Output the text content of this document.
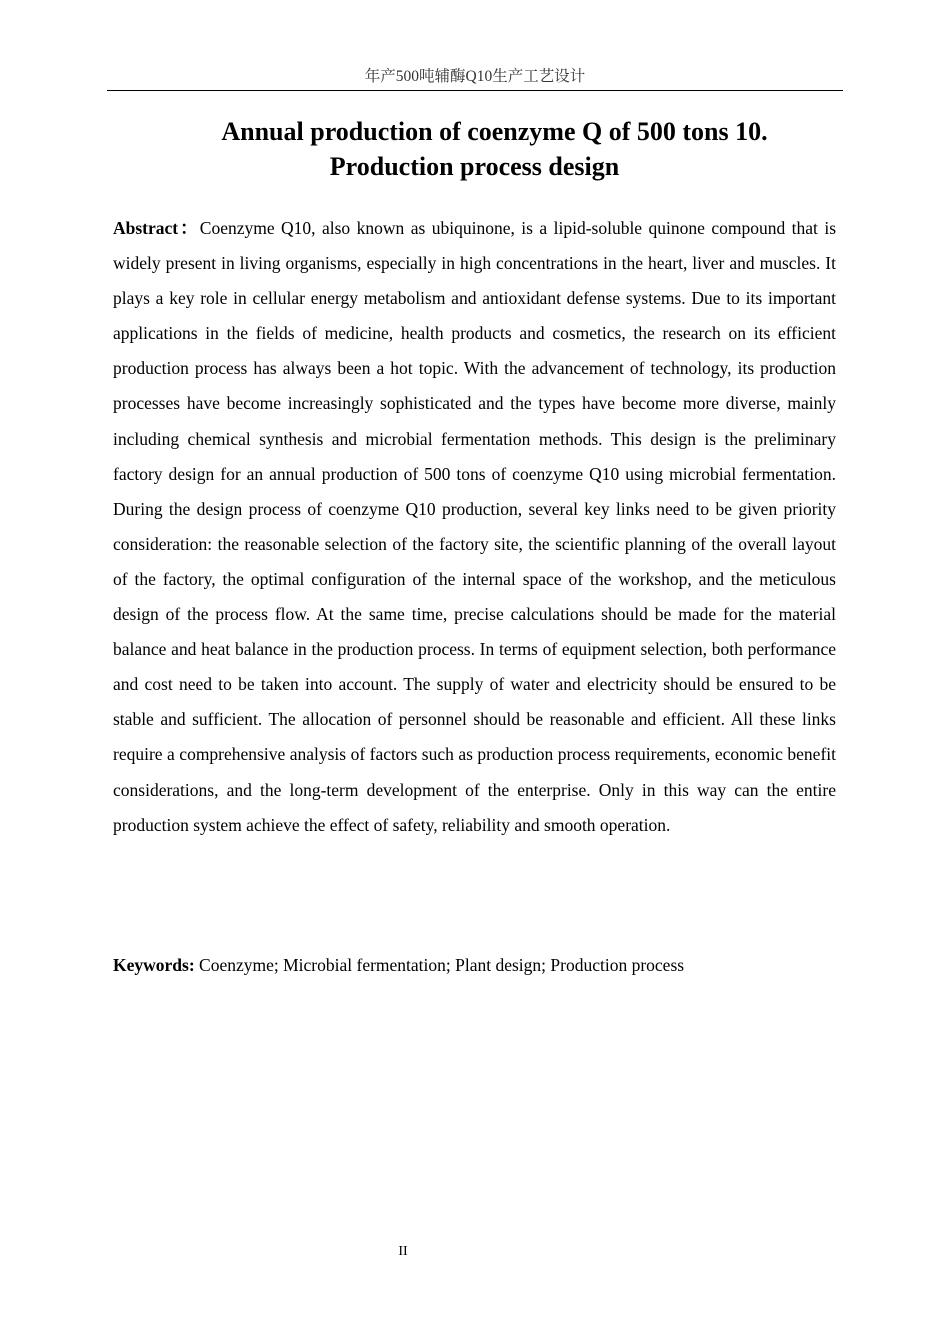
年产500吨辅酶Q10生产工艺设计
Annual production of coenzyme Q of 500 tons 10.
Production process design

Abstract：Coenzyme Q10, also known as ubiquinone, is a lipid-soluble quinone compound that is widely present in living organisms, especially in high concentrations in the heart, liver and muscles. It plays a key role in cellular energy metabolism and antioxidant defense systems. Due to its important applications in the fields of medicine, health products and cosmetics, the research on its efficient production process has always been a hot topic. With the advancement of technology, its production processes have become increasingly sophisticated and the types have become more diverse, mainly including chemical synthesis and microbial fermentation methods. This design is the preliminary factory design for an annual production of 500 tons of coenzyme Q10 using microbial fermentation. During the design process of coenzyme Q10 production, several key links need to be given priority consideration: the reasonable selection of the factory site, the scientific planning of the overall layout of the factory, the optimal configuration of the internal space of the workshop, and the meticulous design of the process flow. At the same time, precise calculations should be made for the material balance and heat balance in the production process. In terms of equipment selection, both performance and cost need to be taken into account. The supply of water and electricity should be ensured to be stable and sufficient. The allocation of personnel should be reasonable and efficient. All these links require a comprehensive analysis of factors such as production process requirements, economic benefit considerations, and the long-term development of the enterprise. Only in this way can the entire production system achieve the effect of safety, reliability and smooth operation.

Keywords: Coenzyme; Microbial fermentation; Plant design; Production process

II
